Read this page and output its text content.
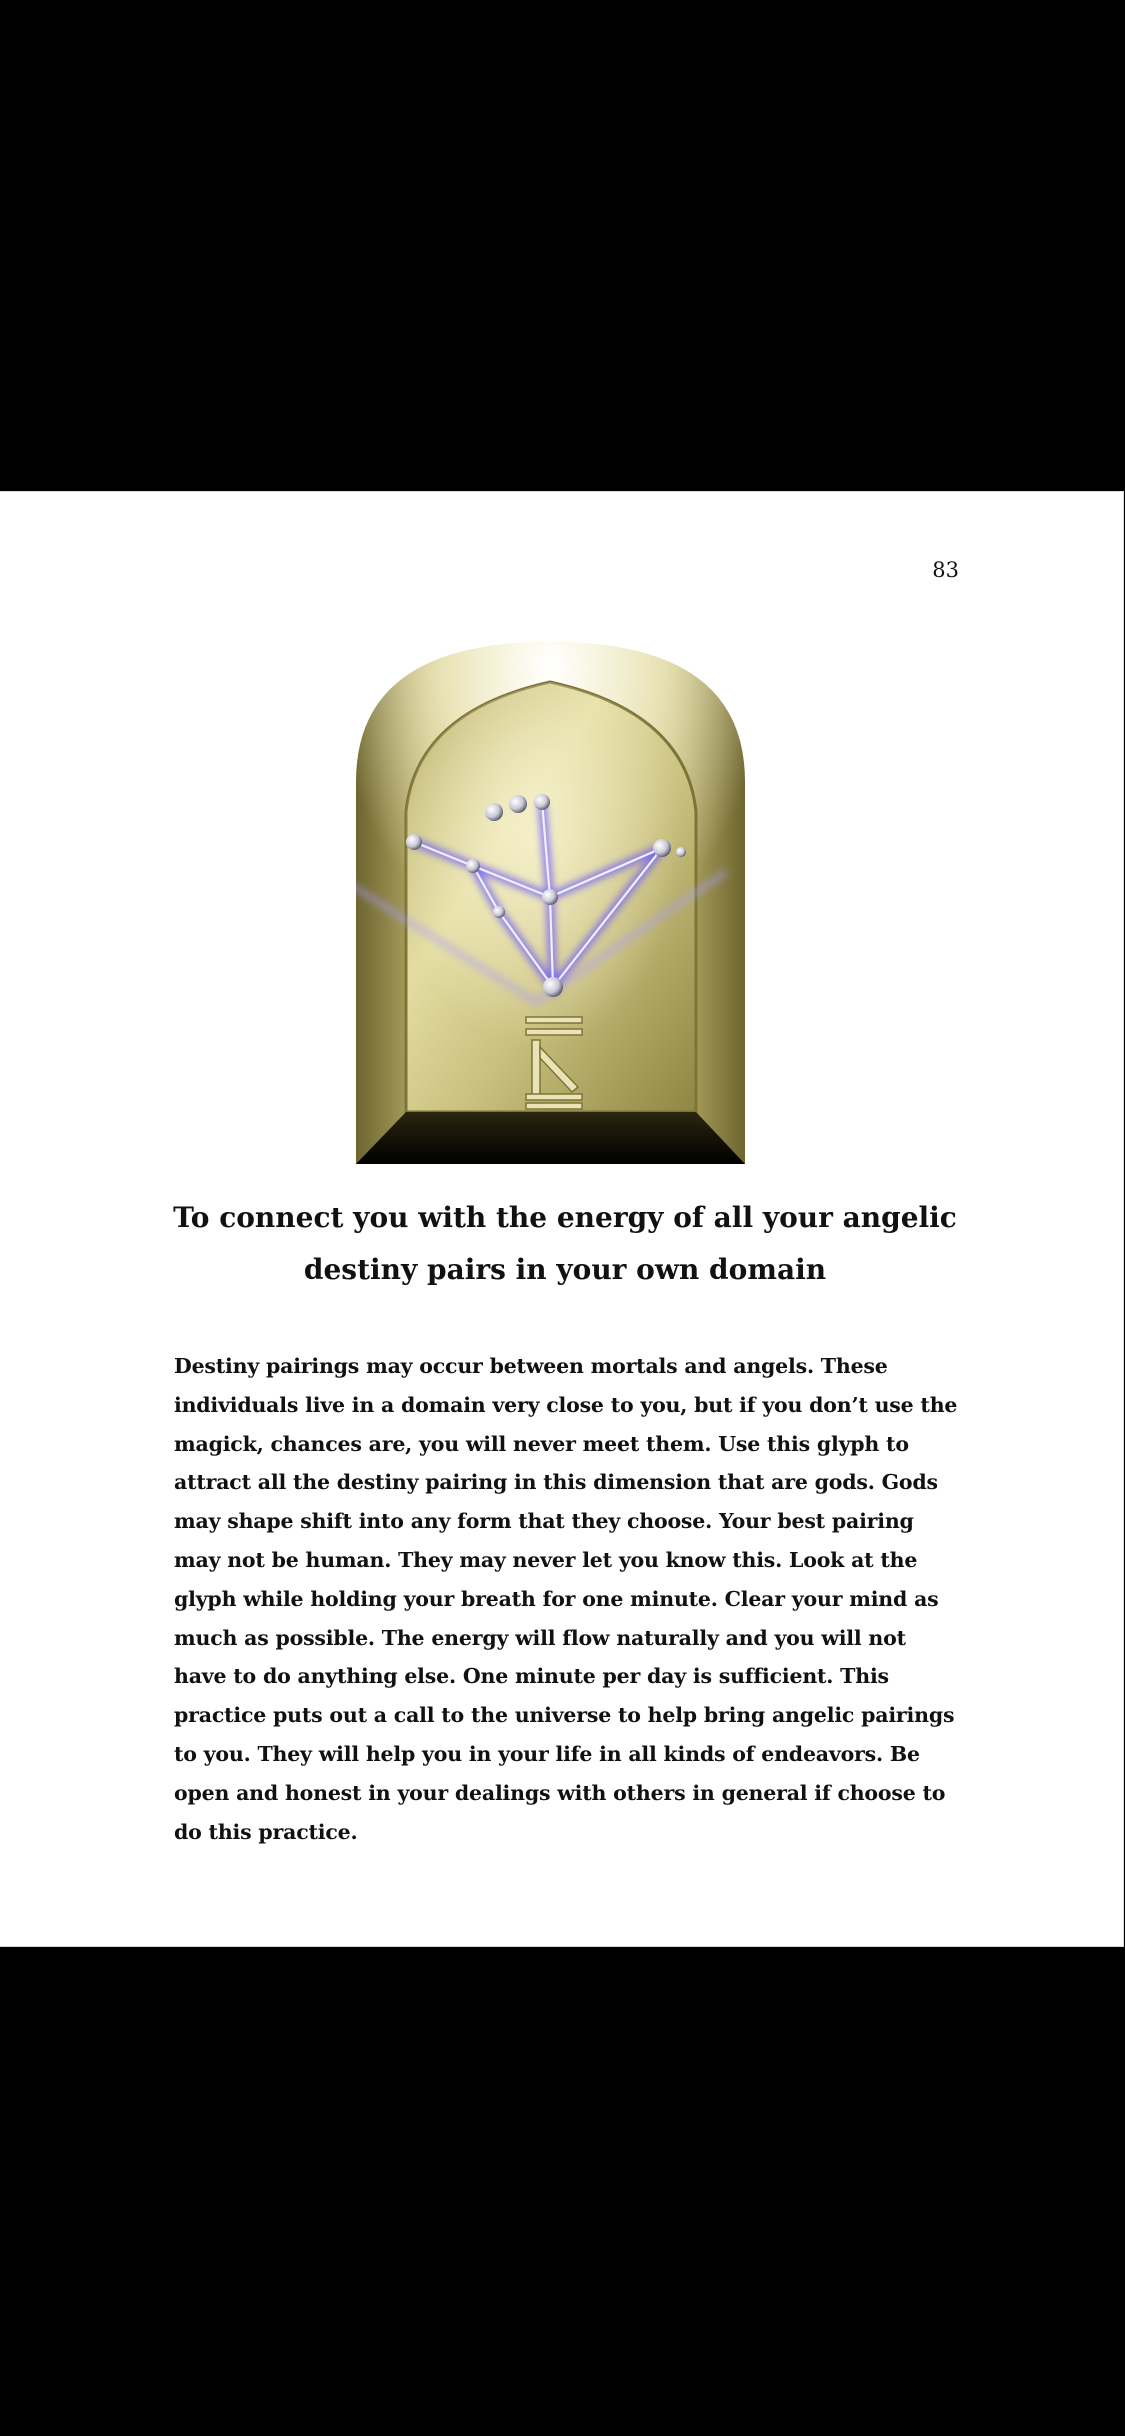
83
To connect you with the energy of all your angelic destiny pairs in your own domain

Destiny pairings may occur between mortals and angels. These individuals live in a domain very close to you, but if you don’t use the magick, chances are, you will never meet them. Use this glyph to attract all the destiny pairing in this dimension that are gods. Gods may shape shift into any form that they choose. Your best pairing may not be human. They may never let you know this. Look at the glyph while holding your breath for one minute. Clear your mind as much as possible. The energy will flow naturally and you will not have to do anything else. One minute per day is sufficient. This practice puts out a call to the universe to help bring angelic pairings to you. They will help you in your life in all kinds of endeavors. Be open and honest in your dealings with others in general if choose to do this practice.
